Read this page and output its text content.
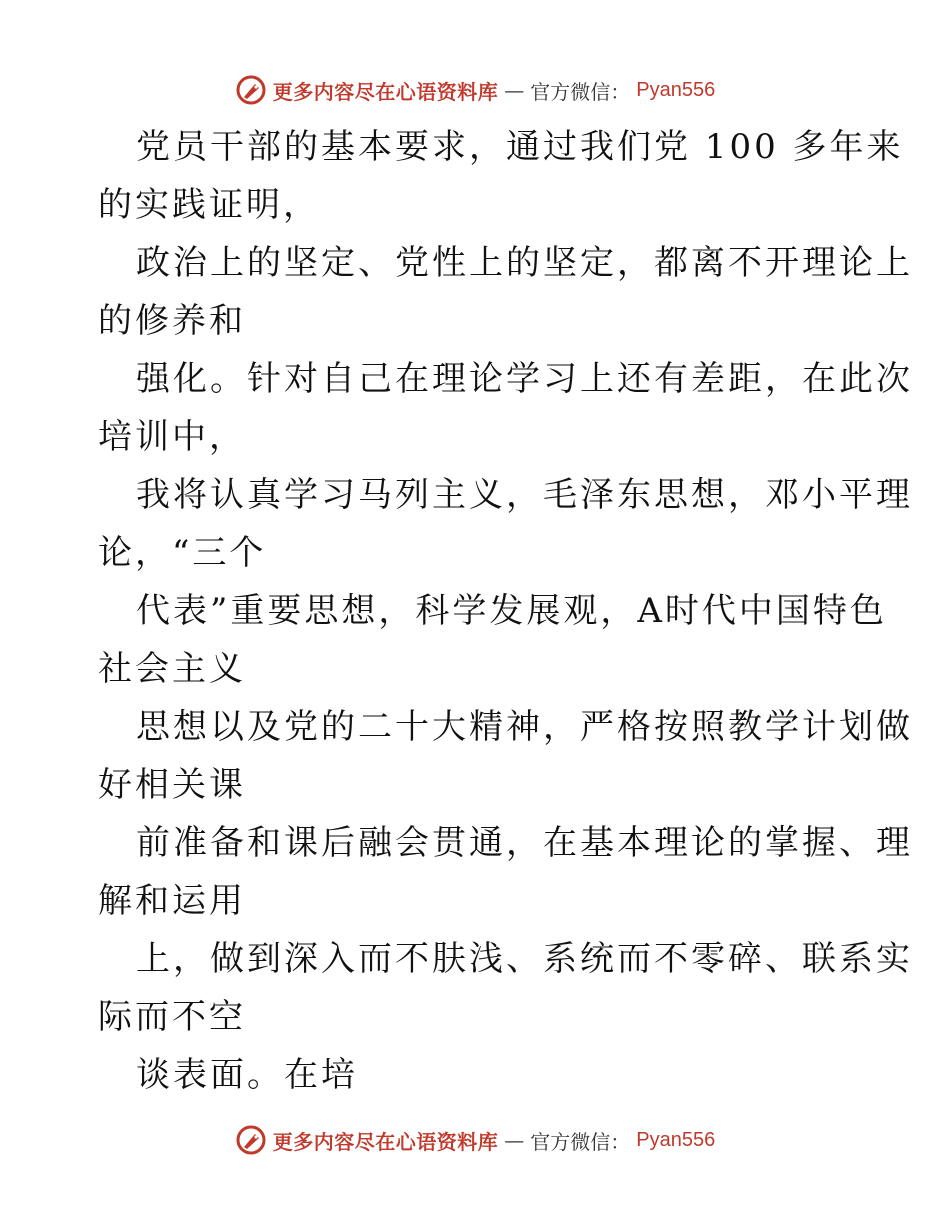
更多内容尽在心语资料库 — 官方微信： Pyan556
党员干部的基本要求，通过我们党 100 多年来
的实践证明，
政治上的坚定、党性上的坚定，都离不开理论上
的修养和
强化。针对自己在理论学习上还有差距，在此次
培训中，
我将认真学习马列主义，毛泽东思想，邓小平理
论，“三个
代表”重要思想，科学发展观，A时代中国特色
社会主义
思想以及党的二十大精神，严格按照教学计划做
好相关课
前准备和课后融会贯通，在基本理论的掌握、理
解和运用
上，做到深入而不肤浅、系统而不零碎、联系实
际而不空
谈表面。在培
更多内容尽在心语资料库 — 官方微信： Pyan556
